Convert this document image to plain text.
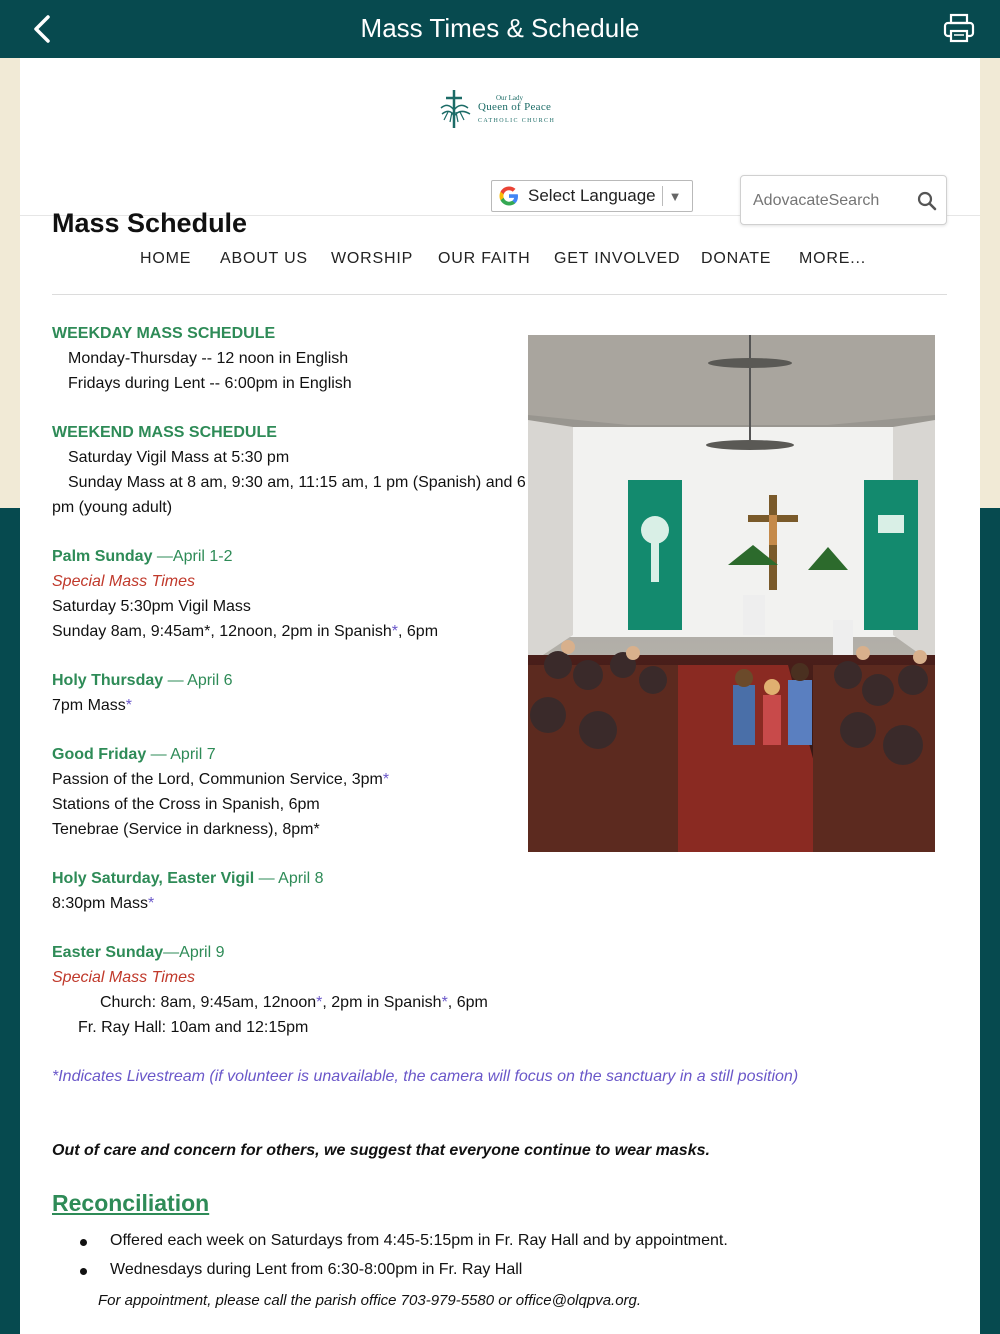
Mass Times & Schedule
Our Lady
Queen of Peace
CATHOLIC CHURCH
Select Language ▼
AdovacateSearch
Mass Schedule
HOME ABOUT US WORSHIP OUR FAITH GET INVOLVED DONATE MORE...
WEEKDAY MASS SCHEDULE
Monday-Thursday -- 12 noon in English
Fridays during Lent -- 6:00pm in English
WEEKEND MASS SCHEDULE
Saturday Vigil Mass at 5:30 pm
Sunday Mass at 8 am, 9:30 am, 11:15 am, 1 pm (Spanish) and 6
pm (young adult)
Palm Sunday —April 1-2
Special Mass Times
Saturday 5:30pm Vigil Mass
Sunday 8am, 9:45am*, 12noon, 2pm in Spanish*, 6pm
Holy Thursday — April 6
7pm Mass*
Good Friday — April 7
Passion of the Lord, Communion Service, 3pm*
Stations of the Cross in Spanish, 6pm
Tenebrae (Service in darkness), 8pm*
Holy Saturday, Easter Vigil — April 8
8:30pm Mass*
Easter Sunday—April 9
Special Mass Times
Church: 8am, 9:45am, 12noon*, 2pm in Spanish*, 6pm
Fr. Ray Hall: 10am and 12:15pm
*Indicates Livestream (if volunteer is unavailable, the camera will focus on the sanctuary in a still position)
Out of care and concern for others, we suggest that everyone continue to wear masks.
Reconciliation
Offered each week on Saturdays from 4:45-5:15pm in Fr. Ray Hall and by appointment.
Wednesdays during Lent from 6:30-8:00pm in Fr. Ray Hall
For appointment, please call the parish office 703-979-5580 or office@olqpva.org.
